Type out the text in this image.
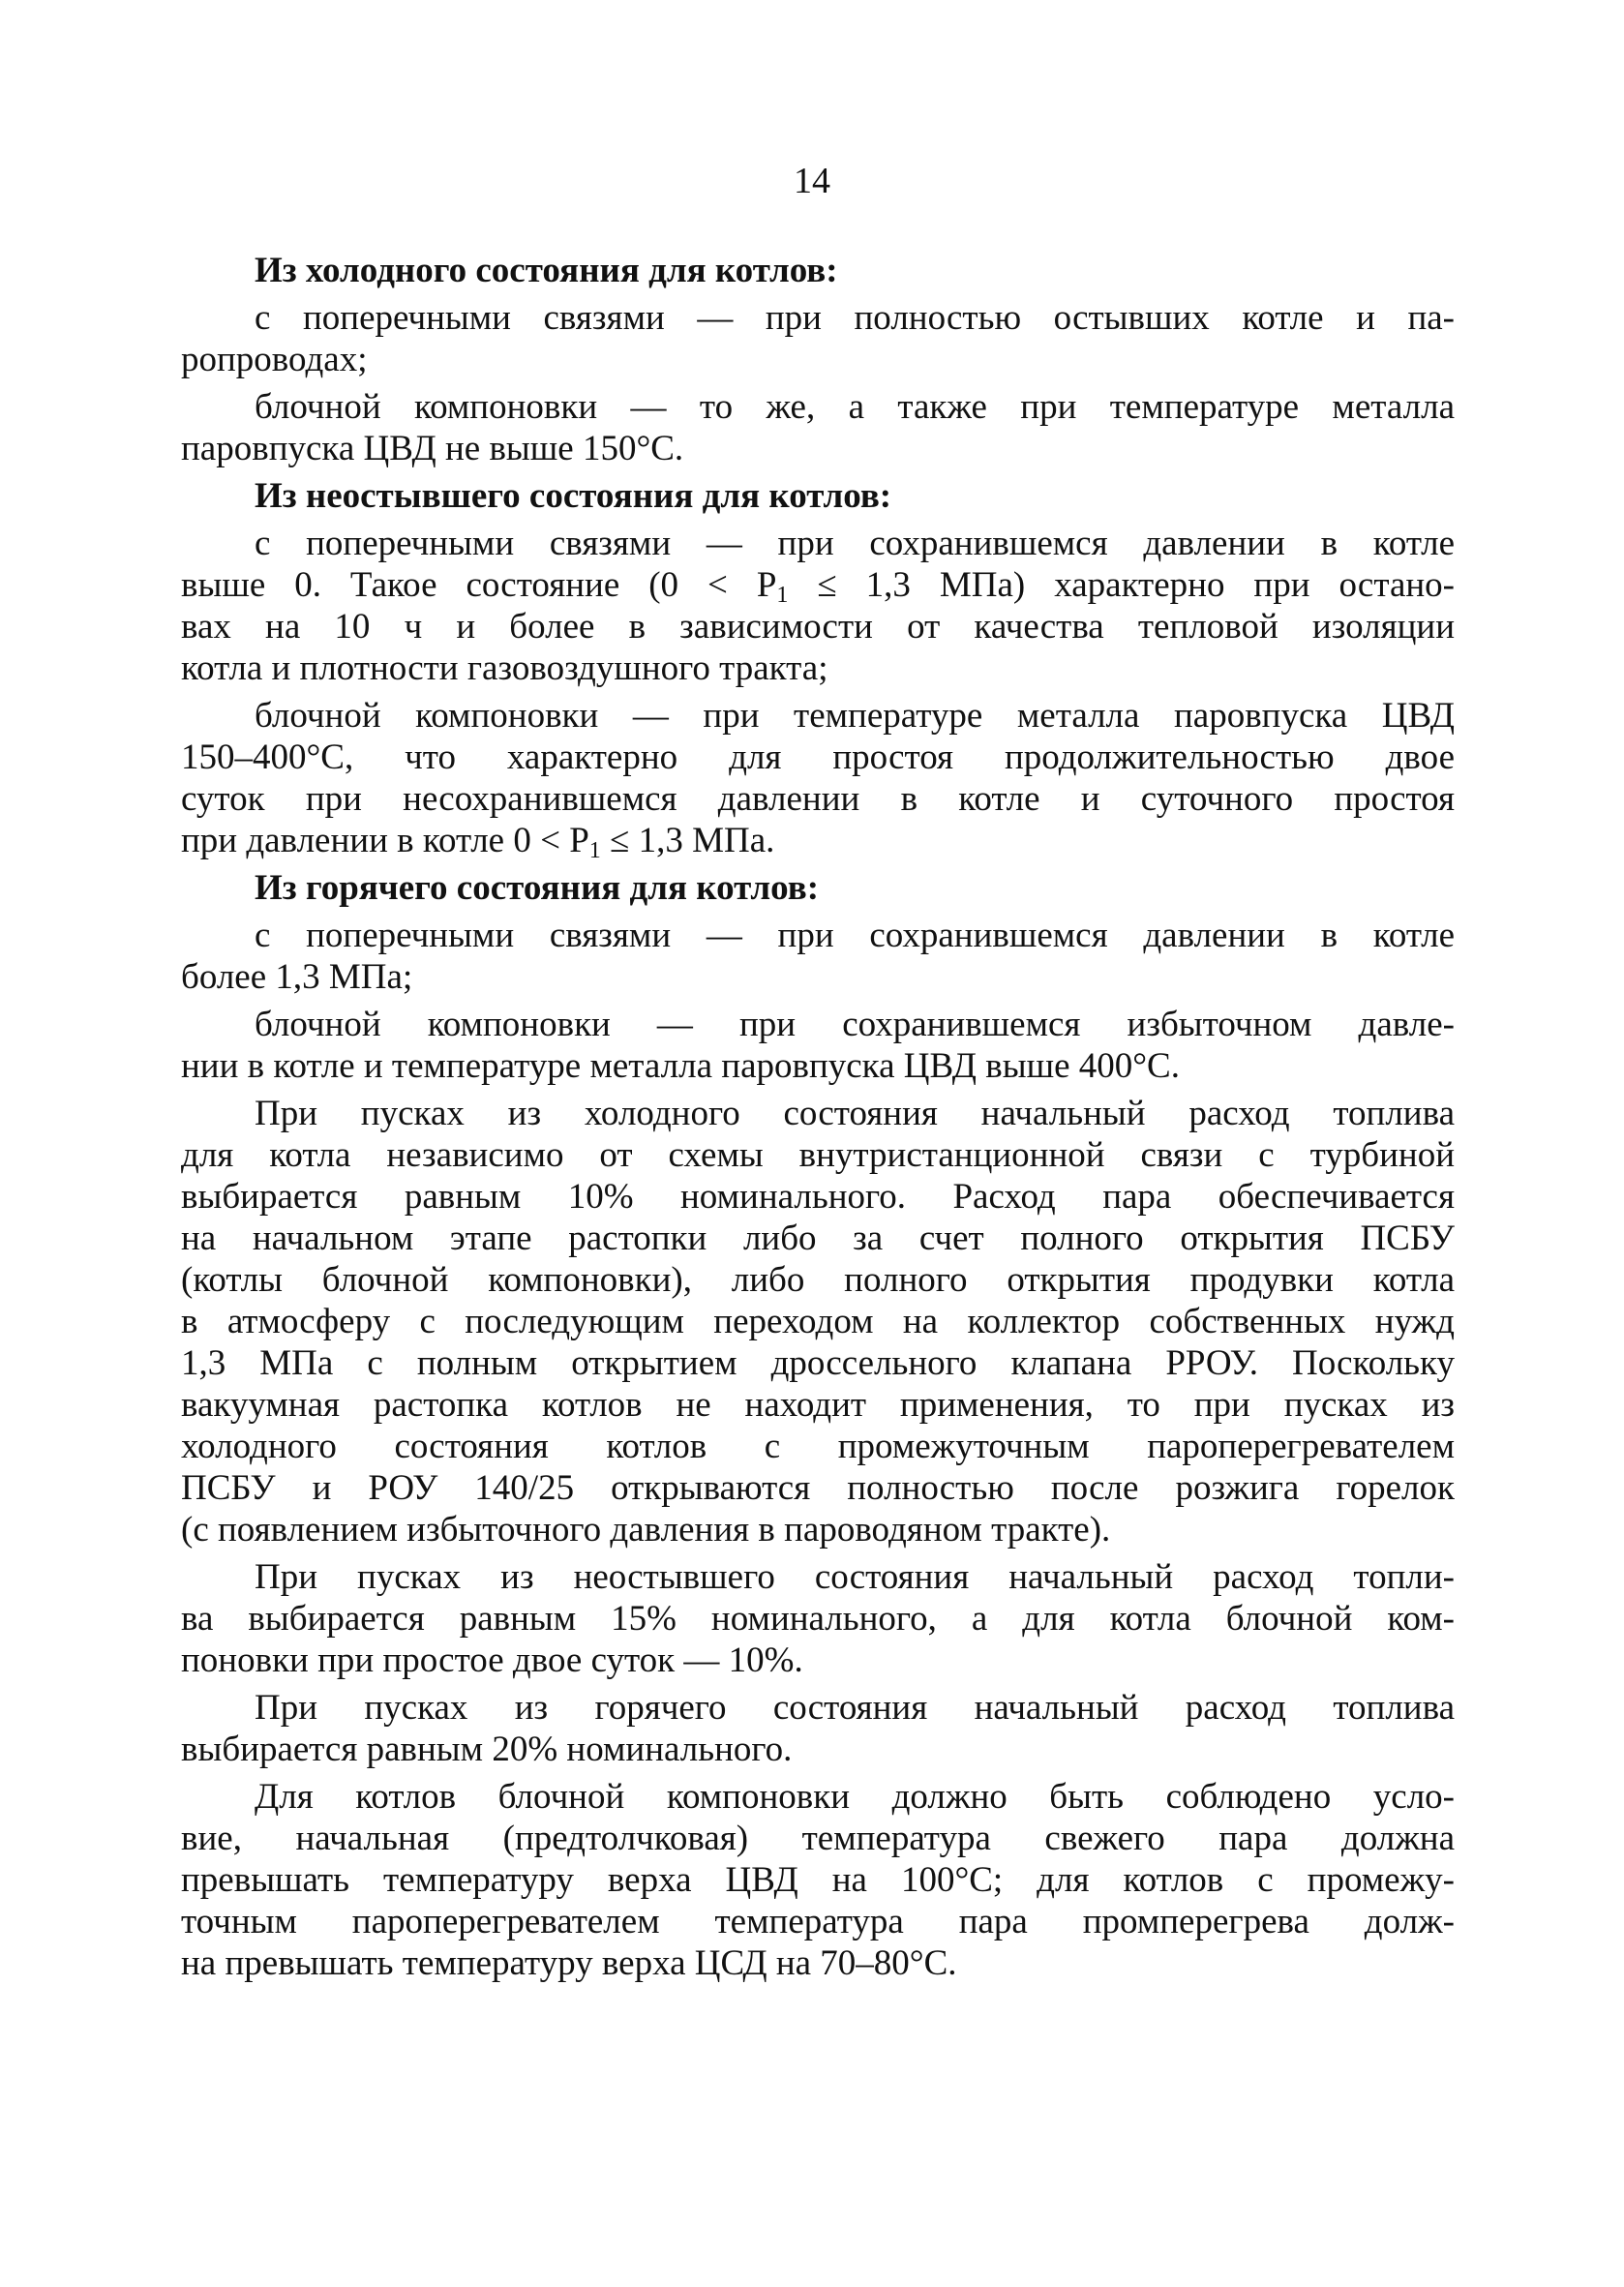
14
Из холодного состояния для котлов:
с поперечными связями — при полностью остывших котле и па-
ропроводах;
блочной компоновки — то же, а также при температуре металла
паровпуска ЦВД не выше 150°С.
Из неостывшего состояния для котлов:
с поперечными связями — при сохранившемся давлении в котле
выше 0. Такое состояние ($0 < Р_1 \le 1,3$ МПа) характерно при остано-
вах на 10 ч и более в зависимости от качества тепловой изоляции
котла и плотности газовоздушного тракта;
блочной компоновки — при температуре металла паровпуска ЦВД
150–400°С, что характерно для простоя продолжительностью двое
суток при несохранившемся давлении в котле и суточного простоя
при давлении в котле $0 < Р_1 \le 1,3$ МПа.
Из горячего состояния для котлов:
с поперечными связями — при сохранившемся давлении в котле
более 1,3 МПа;
блочной компоновки — при сохранившемся избыточном давле-
нии в котле и температуре металла паровпуска ЦВД выше 400°С.
При пусках из холодного состояния начальный расход топлива
для котла независимо от схемы внутристанционной связи с турбиной
выбирается равным 10% номинального. Расход пара обеспечивается
на начальном этапе растопки либо за счет полного открытия ПСБУ
(котлы блочной компоновки), либо полного открытия продувки котла
в атмосферу с последующим переходом на коллектор собственных нужд
1,3 МПа с полным открытием дроссельного клапана РРОУ. Поскольку
вакуумная растопка котлов не находит применения, то при пусках из
холодного состояния котлов с промежуточным пароперегревателем
ПСБУ и РОУ 140/25 открываются полностью после розжига горелок
(с появлением избыточного давления в пароводяном тракте).
При пусках из неостывшего состояния начальный расход топли-
ва выбирается равным 15% номинального, а для котла блочной ком-
поновки при простое двое суток — 10%.
При пусках из горячего состояния начальный расход топлива
выбирается равным 20% номинального.
Для котлов блочной компоновки должно быть соблюдено усло-
вие, начальная (предтолчковая) температура свежего пара должна
превышать температуру верха ЦВД на 100°С; для котлов с промежу-
точным пароперегревателем температура пара промперегрева долж-
на превышать температуру верха ЦСД на 70–80°С.
